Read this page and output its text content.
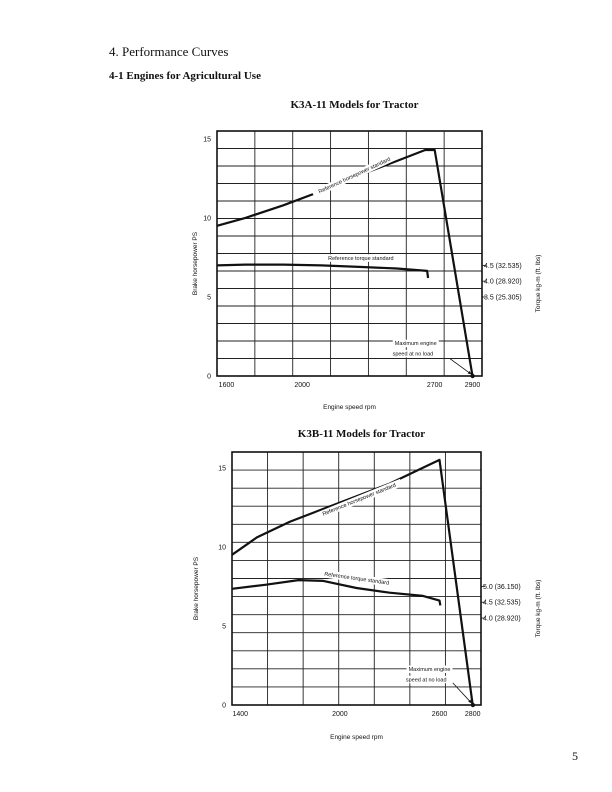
4. Performance Curves
4-1 Engines for Agricultural Use
K3A-11 Models for Tractor
0
5
10
15
1600	2000	2700	2900
4.5 (32.535)
4.0 (28.920)
3.5 (25.305)
Engine speed rpm
Brake horsepower PS	Torque kg-m (ft. lbs)
Reference horsepower standard
Reference torque standard
Maximum engine
speed at no load
K3B-11 Models for Tractor
0
5
10
15
1400	2000	2600	2800
5.0 (36.150)
4.5 (32.535)
4.0 (28.920)
Engine speed rpm
Brake horsepower PS	Torque kg-m (ft. lbs)
Reference horsepower standard
Reference torque standard
Maximum engine
speed at no load
5
